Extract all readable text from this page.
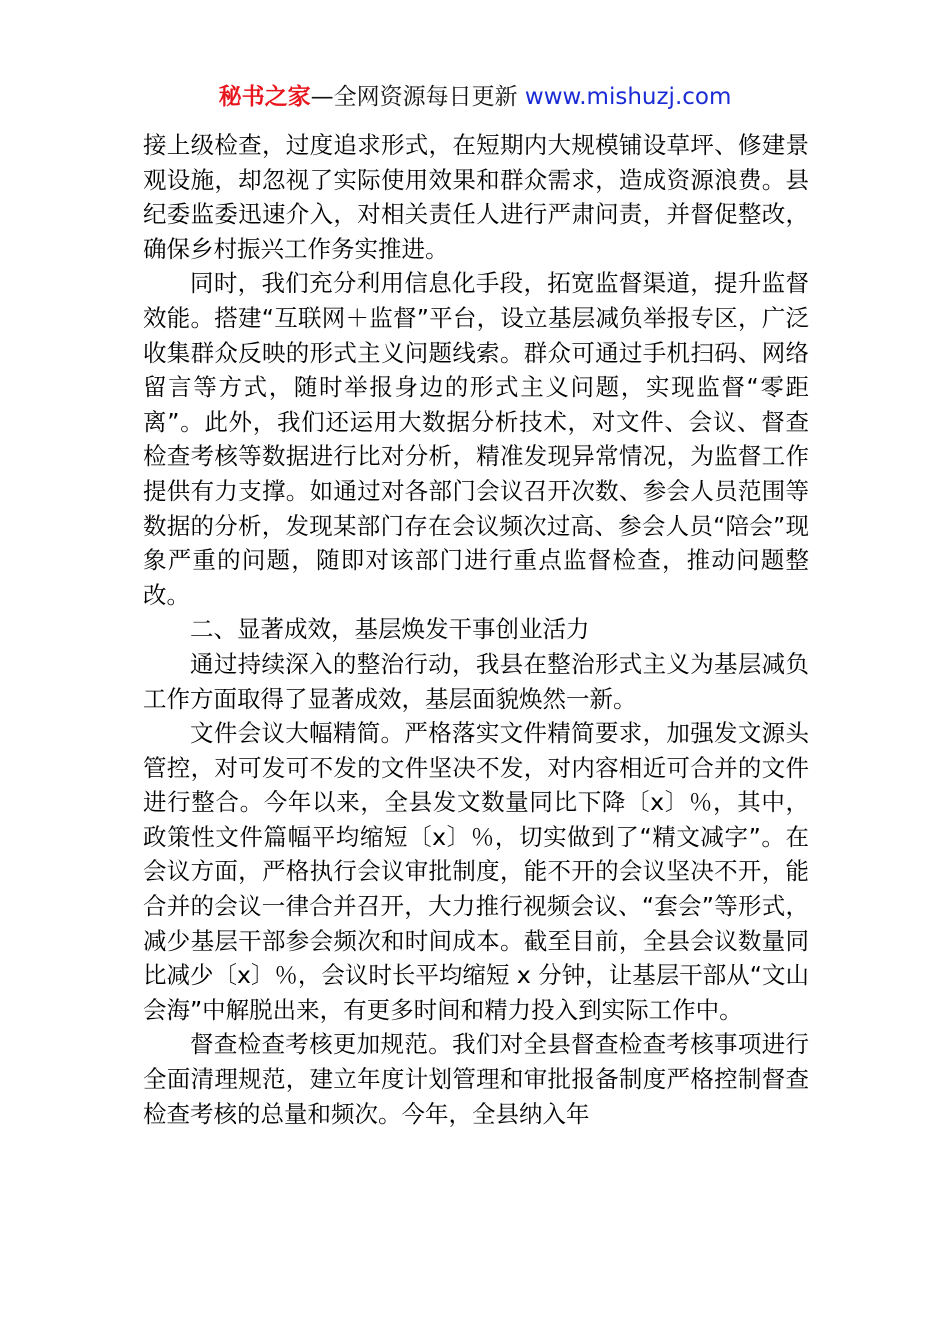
秘书之家—全网资源每日更新 www.mishuzj.com

接上级检查，过度追求形式，在短期内大规模铺设草坪、修建景观设施，却忽视了实际使用效果和群众需求，造成资源浪费。县纪委监委迅速介入，对相关责任人进行严肃问责，并督促整改，确保乡村振兴工作务实推进。

同时，我们充分利用信息化手段，拓宽监督渠道，提升监督效能。搭建“互联网＋监督”平台，设立基层减负举报专区，广泛收集群众反映的形式主义问题线索。群众可通过手机扫码、网络留言等方式，随时举报身边的形式主义问题，实现监督“零距离”。此外，我们还运用大数据分析技术，对文件、会议、督查检查考核等数据进行比对分析，精准发现异常情况，为监督工作提供有力支撑。如通过对各部门会议召开次数、参会人员范围等数据的分析，发现某部门存在会议频次过高、参会人员“陪会”现象严重的问题，随即对该部门进行重点监督检查，推动问题整改。

二、显著成效，基层焕发干事创业活力

通过持续深入的整治行动，我县在整治形式主义为基层减负工作方面取得了显著成效，基层面貌焕然一新。

文件会议大幅精简。严格落实文件精简要求，加强发文源头管控，对可发可不发的文件坚决不发，对内容相近可合并的文件进行整合。今年以来，全县发文数量同比下降〔x〕％，其中，政策性文件篇幅平均缩短〔x〕％，切实做到了“精文减字”。在会议方面，严格执行会议审批制度，能不开的会议坚决不开，能合并的会议一律合并召开，大力推行视频会议、“套会”等形式，减少基层干部参会频次和时间成本。截至目前，全县会议数量同比减少〔x〕％，会议时长平均缩短 x 分钟，让基层干部从“文山会海”中解脱出来，有更多时间和精力投入到实际工作中。

督查检查考核更加规范。我们对全县督查检查考核事项进行全面清理规范，建立年度计划管理和审批报备制度严格控制督查检查考核的总量和频次。今年，全县纳入年
